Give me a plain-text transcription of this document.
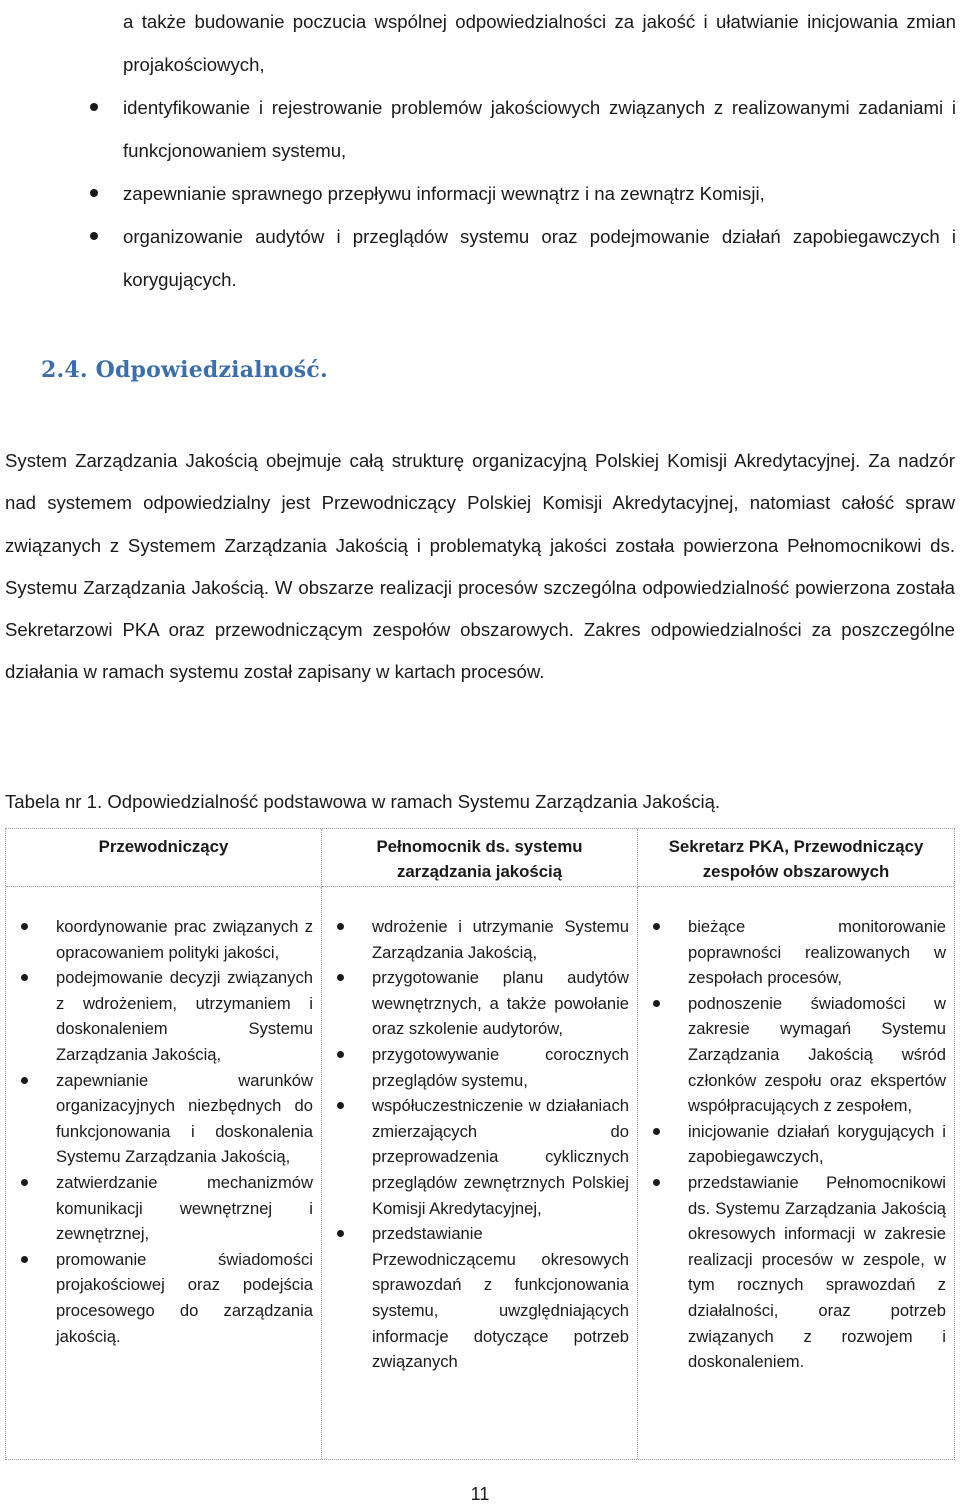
a także budowanie poczucia wspólnej odpowiedzialności za jakość i ułatwianie inicjowania zmian projakościowych,
identyfikowanie i rejestrowanie problemów jakościowych związanych z realizowanymi zadaniami i funkcjonowaniem systemu,
zapewnianie sprawnego przepływu informacji wewnątrz i na zewnątrz Komisji,
organizowanie audytów i przeglądów systemu oraz podejmowanie działań zapobiegawczych i korygujących.
2.4. Odpowiedzialność.

System Zarządzania Jakością obejmuje całą strukturę organizacyjną Polskiej Komisji Akredytacyjnej. Za nadzór nad systemem odpowiedzialny jest Przewodniczący Polskiej Komisji Akredytacyjnej, natomiast całość spraw związanych z Systemem Zarządzania Jakością i problematyką jakości została powierzona Pełnomocnikowi ds. Systemu Zarządzania Jakością. W obszarze realizacji procesów szczególna odpowiedzialność powierzona została Sekretarzowi PKA oraz przewodniczącym zespołów obszarowych. Zakres odpowiedzialności za poszczególne działania w ramach systemu został zapisany w kartach procesów.

Tabela nr 1. Odpowiedzialność podstawowa w ramach Systemu Zarządzania Jakością.

Przewodniczący	Pełnomocnik ds. systemu zarządzania jakością
Sekretarz PKA, Przewodniczący zespołów obszarowych
koordynowanie prac związanych z opracowaniem polityki jakości,
podejmowanie decyzji związanych z wdrożeniem, utrzymaniem i doskonaleniem Systemu Zarządzania Jakością,
zapewnianie warunków organizacyjnych niezbędnych do funkcjonowania i doskonalenia Systemu Zarządzania Jakością,
zatwierdzanie mechanizmów komunikacji wewnętrznej i zewnętrznej,
promowanie świadomości projakościowej oraz podejścia procesowego do zarządzania jakością.
wdrożenie i utrzymanie Systemu Zarządzania Jakością,
przygotowanie planu audytów wewnętrznych, a także powołanie oraz szkolenie audytorów,
przygotowywanie corocznych przeglądów systemu,
współuczestniczenie w działaniach zmierzających do przeprowadzenia cyklicznych przeglądów zewnętrznych Polskiej Komisji Akredytacyjnej,
przedstawianie Przewodniczącemu okresowych sprawozdań z funkcjonowania systemu, uwzględniających informacje dotyczące potrzeb związanych
bieżące monitorowanie poprawności realizowanych w zespołach procesów,
podnoszenie świadomości w zakresie wymagań Systemu Zarządzania Jakością wśród członków zespołu oraz ekspertów współpracujących z zespołem,
inicjowanie działań korygujących i zapobiegawczych,
przedstawianie Pełnomocnikowi ds. Systemu Zarządzania Jakością okresowych informacji w zakresie realizacji procesów w zespole, w tym rocznych sprawozdań z działalności, oraz potrzeb związanych z rozwojem i doskonaleniem.
11
